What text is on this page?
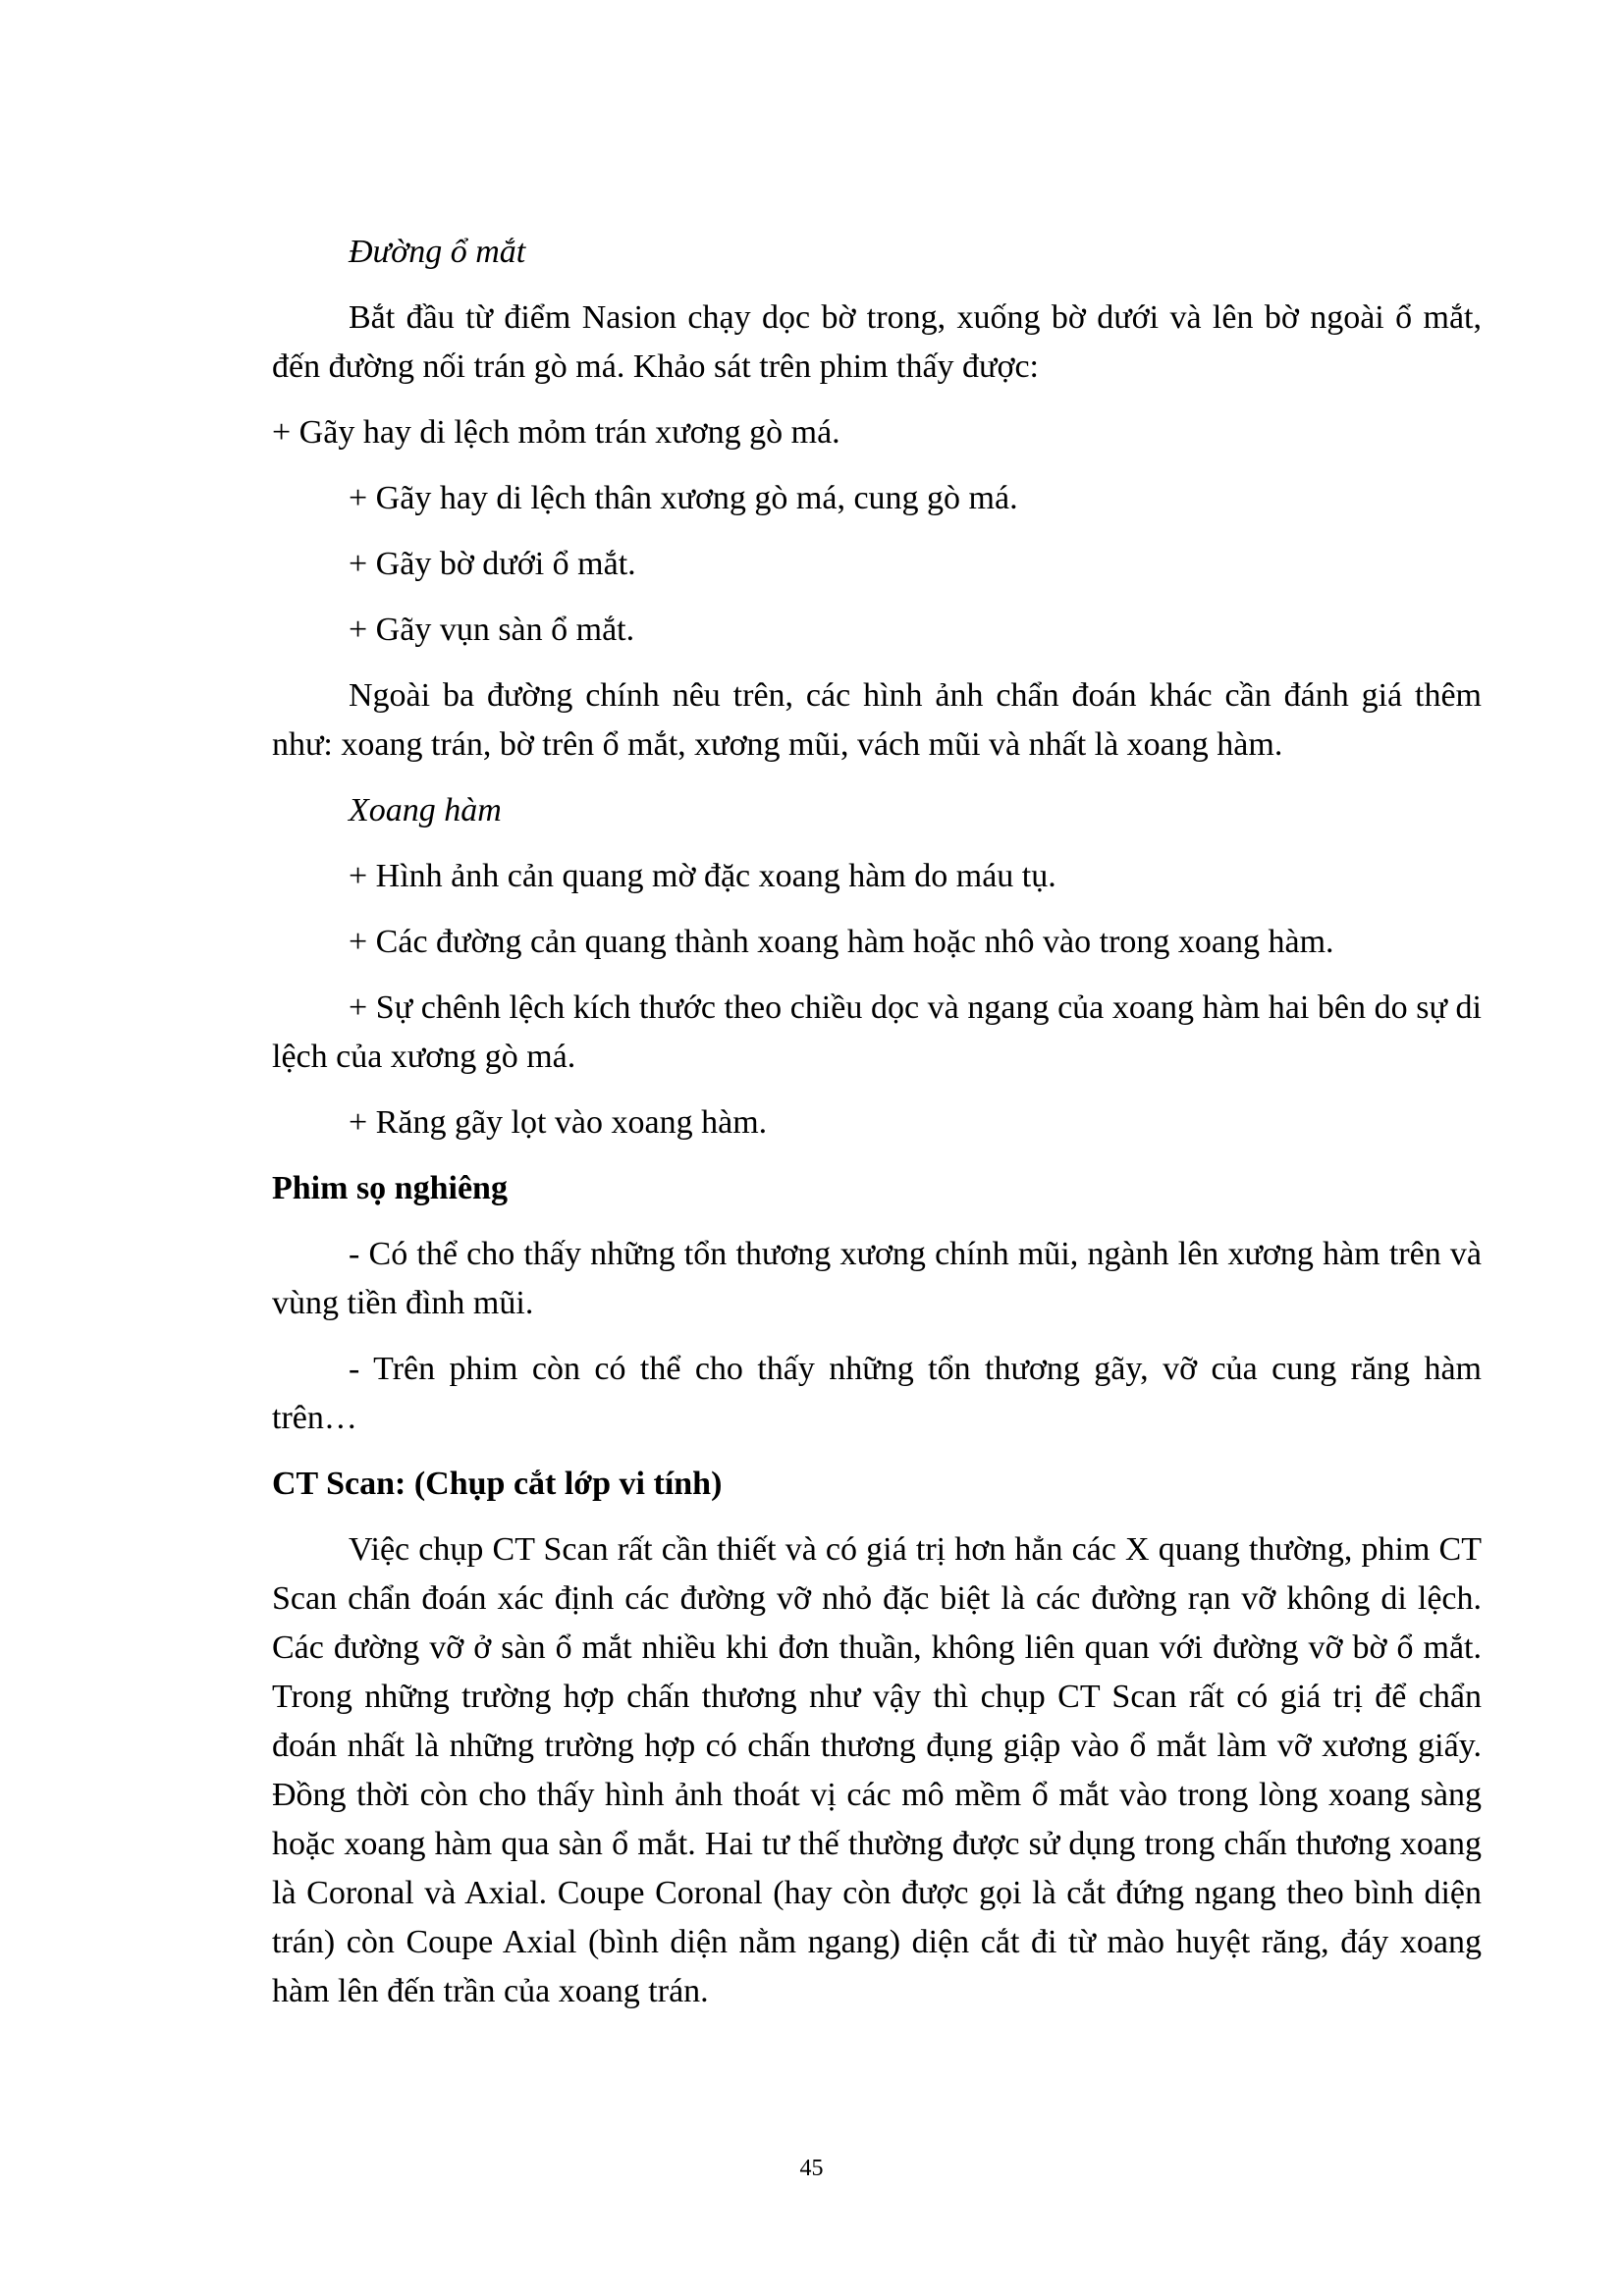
Đường ổ mắt

Bắt đầu từ điểm Nasion chạy dọc bờ trong, xuống bờ dưới và lên bờ ngoài ổ mắt, đến đường nối trán gò má. Khảo sát trên phim thấy được:

+ Gãy hay di lệch mỏm trán xương gò má.

+ Gãy hay di lệch thân xương gò má, cung gò má.

+ Gãy bờ dưới ổ mắt.

+ Gãy vụn sàn ổ mắt.

Ngoài ba đường chính nêu trên, các hình ảnh chẩn đoán khác cần đánh giá thêm như: xoang trán, bờ trên ổ mắt, xương mũi, vách mũi và nhất là xoang hàm.

Xoang hàm

+ Hình ảnh cản quang mờ đặc xoang hàm do máu tụ.

+ Các đường cản quang thành xoang hàm hoặc nhô vào trong xoang hàm.

+ Sự chênh lệch kích thước theo chiều dọc và ngang của xoang hàm hai bên do sự di lệch của xương gò má.

+ Răng gãy lọt vào xoang hàm.

Phim sọ nghiêng

- Có thể cho thấy những tổn thương xương chính mũi, ngành lên xương hàm trên và vùng tiền đình mũi.

- Trên phim còn có thể cho thấy những tổn thương gãy, vỡ của cung răng hàm trên…

CT Scan: (Chụp cắt lớp vi tính)

Việc chụp CT Scan rất cần thiết và có giá trị hơn hẳn các X quang thường, phim CT Scan chẩn đoán xác định các đường vỡ nhỏ đặc biệt là các đường rạn vỡ không di lệch. Các đường vỡ ở sàn ổ mắt nhiều khi đơn thuần, không liên quan với đường vỡ bờ ổ mắt. Trong những trường hợp chấn thương như vậy thì chụp CT Scan rất có giá trị để chẩn đoán nhất là những trường hợp có chấn thương đụng giập vào ổ mắt làm vỡ xương giấy. Đồng thời còn cho thấy hình ảnh thoát vị các mô mềm ổ mắt vào trong lòng xoang sàng hoặc xoang hàm qua sàn ổ mắt. Hai tư thế thường được sử dụng trong chấn thương xoang là Coronal và Axial. Coupe Coronal (hay còn được gọi là cắt đứng ngang theo bình diện trán) còn Coupe Axial (bình diện nằm ngang) diện cắt đi từ mào huyệt răng, đáy xoang hàm lên đến trần của xoang trán.

45
